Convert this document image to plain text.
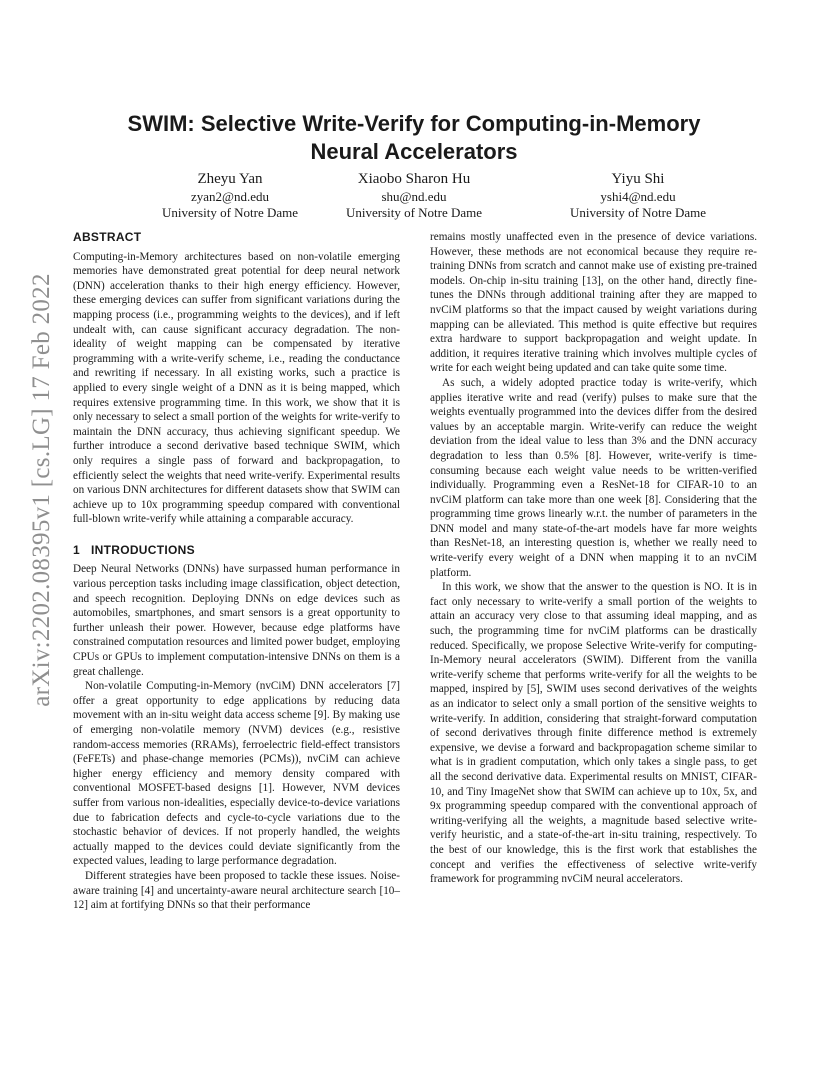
arXiv:2202.08395v1 [cs.LG] 17 Feb 2022
SWIM: Selective Write-Verify for Computing-in-Memory
Neural Accelerators
Zheyu Yan
zyan2@nd.edu
University of Notre Dame
Xiaobo Sharon Hu
shu@nd.edu
University of Notre Dame
Yiyu Shi
yshi4@nd.edu
University of Notre Dame
ABSTRACT

Computing-in-Memory architectures based on non-volatile emerging memories have demonstrated great potential for deep neural network (DNN) acceleration thanks to their high energy efficiency. However, these emerging devices can suffer from significant variations during the mapping process (i.e., programming weights to the devices), and if left undealt with, can cause significant accuracy degradation. The non-ideality of weight mapping can be compensated by iterative programming with a write-verify scheme, i.e., reading the conductance and rewriting if necessary. In all existing works, such a practice is applied to every single weight of a DNN as it is being mapped, which requires extensive programming time. In this work, we show that it is only necessary to select a small portion of the weights for write-verify to maintain the DNN accuracy, thus achieving significant speedup. We further introduce a second derivative based technique SWIM, which only requires a single pass of forward and backpropagation, to efficiently select the weights that need write-verify. Experimental results on various DNN architectures for different datasets show that SWIM can achieve up to 10x programming speedup compared with conventional full-blown write-verify while attaining a comparable accuracy.

1 INTRODUCTIONS

Deep Neural Networks (DNNs) have surpassed human performance in various perception tasks including image classification, object detection, and speech recognition. Deploying DNNs on edge devices such as automobiles, smartphones, and smart sensors is a great opportunity to further unleash their power. However, because edge platforms have constrained computation resources and limited power budget, employing CPUs or GPUs to implement computation-intensive DNNs on them is a great challenge.

Non-volatile Computing-in-Memory (nvCiM) DNN accelerators [7] offer a great opportunity to edge applications by reducing data movement with an in-situ weight data access scheme [9]. By making use of emerging non-volatile memory (NVM) devices (e.g., resistive random-access memories (RRAMs), ferroelectric field-effect transistors (FeFETs) and phase-change memories (PCMs)), nvCiM can achieve higher energy efficiency and memory density compared with conventional MOSFET-based designs [1]. However, NVM devices suffer from various non-idealities, especially device-to-device variations due to fabrication defects and cycle-to-cycle variations due to the stochastic behavior of devices. If not properly handled, the weights actually mapped to the devices could deviate significantly from the expected values, leading to large performance degradation.

Different strategies have been proposed to tackle these issues. Noise-aware training [4] and uncertainty-aware neural architecture search [10–12] aim at fortifying DNNs so that their performance

remains mostly unaffected even in the presence of device variations. However, these methods are not economical because they require re-training DNNs from scratch and cannot make use of existing pre-trained models. On-chip in-situ training [13], on the other hand, directly fine-tunes the DNNs through additional training after they are mapped to nvCiM platforms so that the impact caused by weight variations during mapping can be alleviated. This method is quite effective but requires extra hardware to support backpropagation and weight update. In addition, it requires iterative training which involves multiple cycles of write for each weight being updated and can take quite some time.

As such, a widely adopted practice today is write-verify, which applies iterative write and read (verify) pulses to make sure that the weights eventually programmed into the devices differ from the desired values by an acceptable margin. Write-verify can reduce the weight deviation from the ideal value to less than 3% and the DNN accuracy degradation to less than 0.5% [8]. However, write-verify is time-consuming because each weight value needs to be written-verified individually. Programming even a ResNet-18 for CIFAR-10 to an nvCiM platform can take more than one week [8]. Considering that the programming time grows linearly w.r.t. the number of parameters in the DNN model and many state-of-the-art models have far more weights than ResNet-18, an interesting question is, whether we really need to write-verify every weight of a DNN when mapping it to an nvCiM platform.

In this work, we show that the answer to the question is NO. It is in fact only necessary to write-verify a small portion of the weights to attain an accuracy very close to that assuming ideal mapping, and as such, the programming time for nvCiM platforms can be drastically reduced. Specifically, we propose Selective Write-verify for computing-In-Memory neural accelerators (SWIM). Different from the vanilla write-verify scheme that performs write-verify for all the weights to be mapped, inspired by [5], SWIM uses second derivatives of the weights as an indicator to select only a small portion of the sensitive weights to write-verify. In addition, considering that straight-forward computation of second derivatives through finite difference method is extremely expensive, we devise a forward and backpropagation scheme similar to what is in gradient computation, which only takes a single pass, to get all the second derivative data. Experimental results on MNIST, CIFAR-10, and Tiny ImageNet show that SWIM can achieve up to 10x, 5x, and 9x programming speedup compared with the conventional approach of writing-verifying all the weights, a magnitude based selective write-verify heuristic, and a state-of-the-art in-situ training, respectively. To the best of our knowledge, this is the first work that establishes the concept and verifies the effectiveness of selective write-verify framework for programming nvCiM neural accelerators.
